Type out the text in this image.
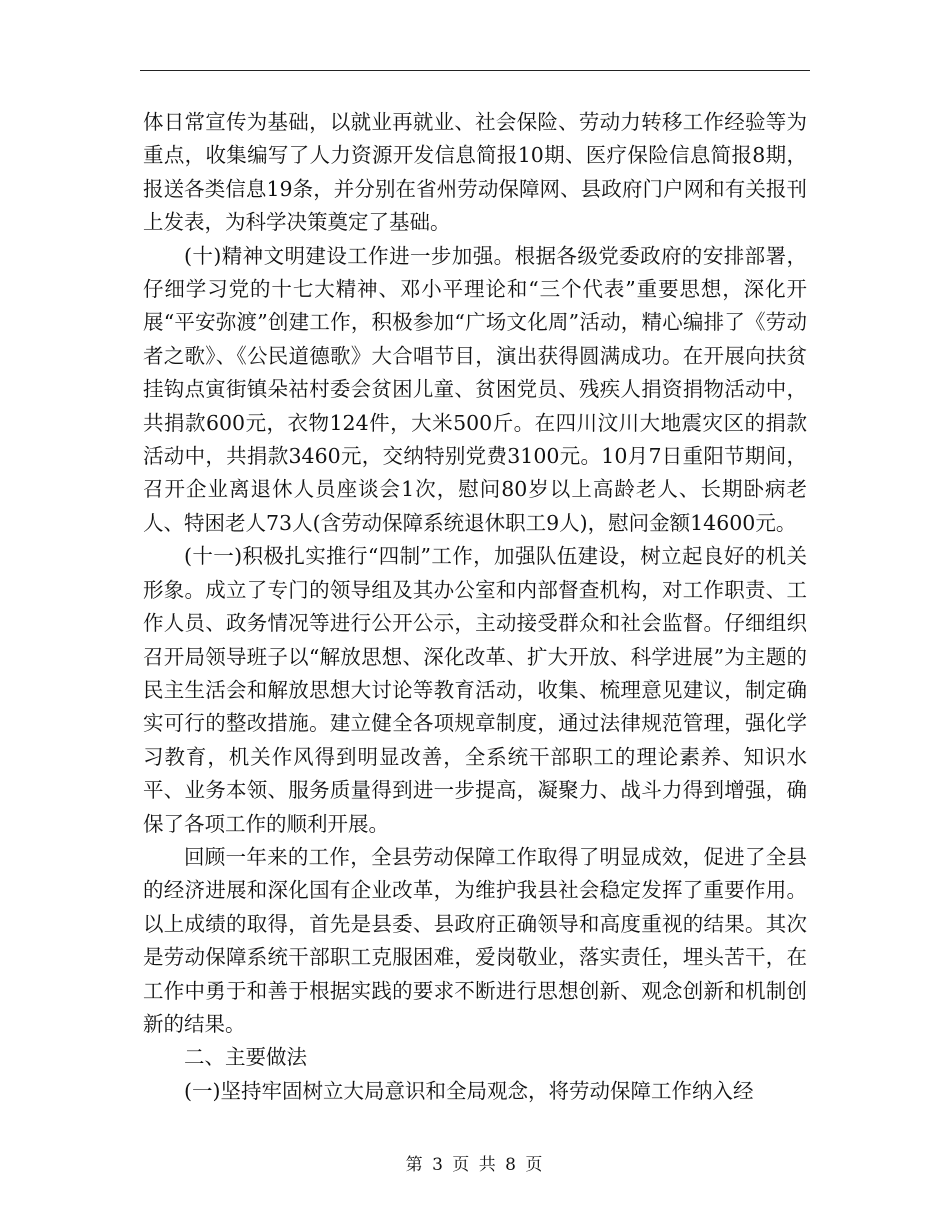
体日常宣传为基础，以就业再就业、社会保险、劳动力转移工作经验等为重点，收集编写了人力资源开发信息简报10期、医疗保险信息简报8期，报送各类信息19条，并分别在省州劳动保障网、县政府门户网和有关报刊上发表，为科学决策奠定了基础。

(十)精神文明建设工作进一步加强。根据各级党委政府的安排部署，仔细学习党的十七大精神、邓小平理论和“三个代表”重要思想，深化开展“平安弥渡”创建工作，积极参加“广场文化周”活动，精心编排了《劳动者之歌》、《公民道德歌》大合唱节目，演出获得圆满成功。在开展向扶贫挂钩点寅街镇朵祜村委会贫困儿童、贫困党员、残疾人捐资捐物活动中，共捐款600元，衣物124件，大米500斤。在四川汶川大地震灾区的捐款活动中，共捐款3460元，交纳特别党费3100元。10月7日重阳节期间，召开企业离退休人员座谈会1次，慰问80岁以上高龄老人、长期卧病老人、特困老人73人(含劳动保障系统退休职工9人)，慰问金额14600元。

(十一)积极扎实推行“四制”工作，加强队伍建设，树立起良好的机关形象。成立了专门的领导组及其办公室和内部督查机构，对工作职责、工作人员、政务情况等进行公开公示，主动接受群众和社会监督。仔细组织召开局领导班子以“解放思想、深化改革、扩大开放、科学进展”为主题的民主生活会和解放思想大讨论等教育活动，收集、梳理意见建议，制定确实可行的整改措施。建立健全各项规章制度，通过法律规范管理，强化学习教育，机关作风得到明显改善，全系统干部职工的理论素养、知识水平、业务本领、服务质量得到进一步提高，凝聚力、战斗力得到增强，确保了各项工作的顺利开展。

回顾一年来的工作，全县劳动保障工作取得了明显成效，促进了全县的经济进展和深化国有企业改革，为维护我县社会稳定发挥了重要作用。以上成绩的取得，首先是县委、县政府正确领导和高度重视的结果。其次是劳动保障系统干部职工克服困难，爱岗敬业，落实责任，埋头苦干，在工作中勇于和善于根据实践的要求不断进行思想创新、观念创新和机制创新的结果。

二、主要做法

(一)坚持牢固树立大局意识和全局观念，将劳动保障工作纳入经

第 3 页 共 8 页
